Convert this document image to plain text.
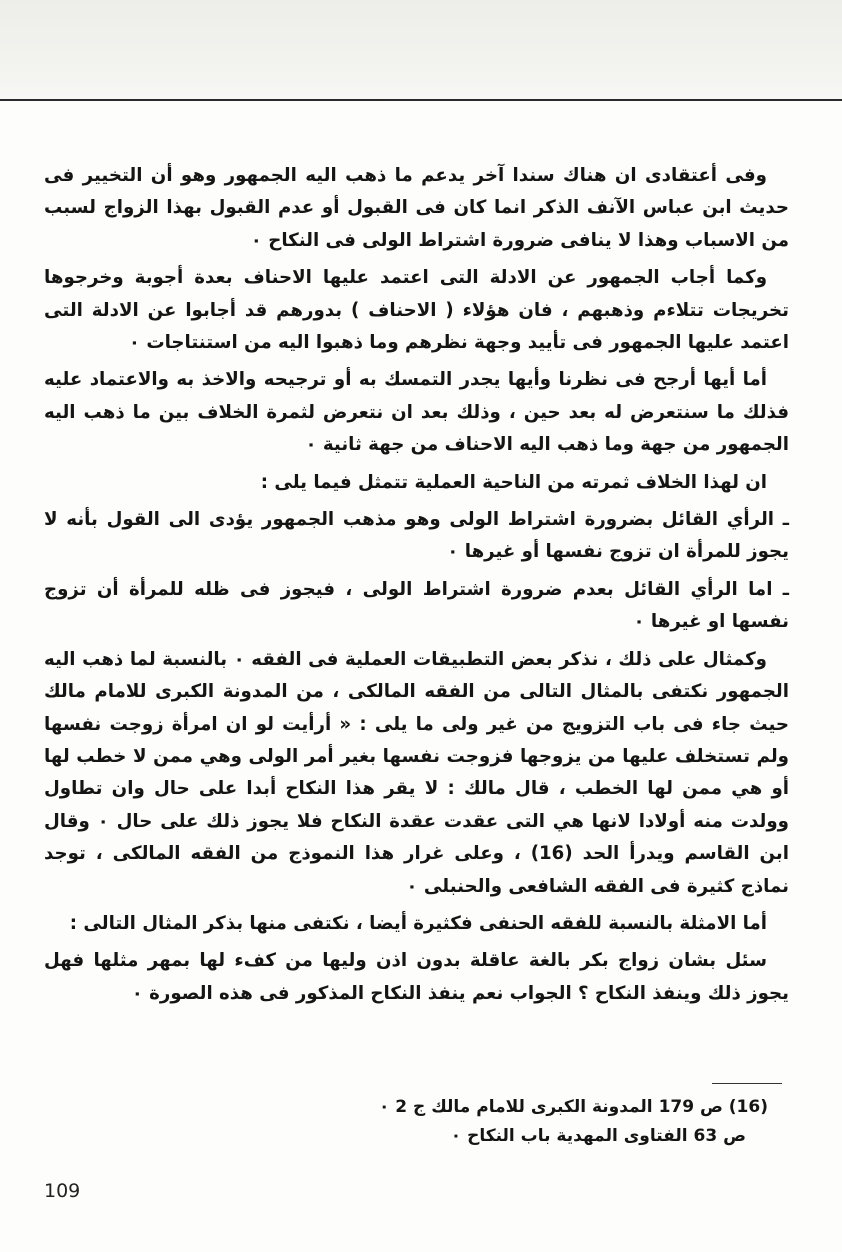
وفى أعتقادى ان هناك سندا آخر يدعم ما ذهب اليه الجمهور وهو أن التخيير فى حديث ابن عباس الآنف الذكر انما كان فى القبول أو عدم القبول بهذا الزواج لسبب من الاسباب وهذا لا ينافى ضرورة اشتراط الولى فى النكاح ٠

وكما أجاب الجمهور عن الادلة التى اعتمد عليها الاحناف بعدة أجوبة وخرجوها تخريجات تتلاءم وذهبهم ، فان هؤلاء ( الاحناف ) بدورهم قد أجابوا عن الادلة التى اعتمد عليها الجمهور فى تأييد وجهة نظرهم وما ذهبوا اليه من استنتاجات ٠

أما أيها أرجح فى نظرنا وأيها يجدر التمسك به أو ترجيحه والاخذ به والاعتماد عليه فذلك ما سنتعرض له بعد حين ، وذلك بعد ان نتعرض لثمرة الخلاف بين ما ذهب اليه الجمهور من جهة وما ذهب اليه الاحناف من جهة ثانية ٠

ان لهذا الخلاف ثمرته من الناحية العملية تتمثل فيما يلى :

ـ الرأي القائل بضرورة اشتراط الولى وهو مذهب الجمهور يؤدى الى القول بأنه لا يجوز للمرأة ان تزوج نفسها أو غيرها ٠

ـ اما الرأي القائل بعدم ضرورة اشتراط الولى ، فيجوز فى ظله للمرأة أن تزوج نفسها او غيرها ٠

وكمثال على ذلك ، نذكر بعض التطبيقات العملية فى الفقه ٠ بالنسبة لما ذهب اليه الجمهور نكتفى بالمثال التالى من الفقه المالكى ، من المدونة الكبرى للامام مالك حيث جاء فى باب التزويج من غير ولى ما يلى : « أرأيت لو ان امرأة زوجت نفسها ولم تستخلف عليها من يزوجها فزوجت نفسها بغير أمر الولى وهي ممن لا خطب لها أو هي ممن لها الخطب ، قال مالك : لا يقر هذا النكاح أبدا على حال وان تطاول وولدت منه أولادا لانها هي التى عقدت عقدة النكاح فلا يجوز ذلك على حال ٠ وقال ابن القاسم ويدرأ الحد (16) ، وعلى غرار هذا النموذج من الفقه المالكى ، توجد نماذج كثيرة فى الفقه الشافعى والحنبلى ٠

أما الامثلة بالنسبة للفقه الحنفى فكثيرة أيضا ، نكتفى منها بذكر المثال التالى :

سئل بشان زواج بكر بالغة عاقلة بدون اذن وليها من كفء لها بمهر مثلها فهل يجوز ذلك وينفذ النكاح ؟ الجواب نعم ينفذ النكاح المذكور فى هذه الصورة ٠

(16) ص 179 المدونة الكبرى للامام مالك ج 2 ٠

ص 63 الفتاوى المهدية باب النكاح ٠

109
